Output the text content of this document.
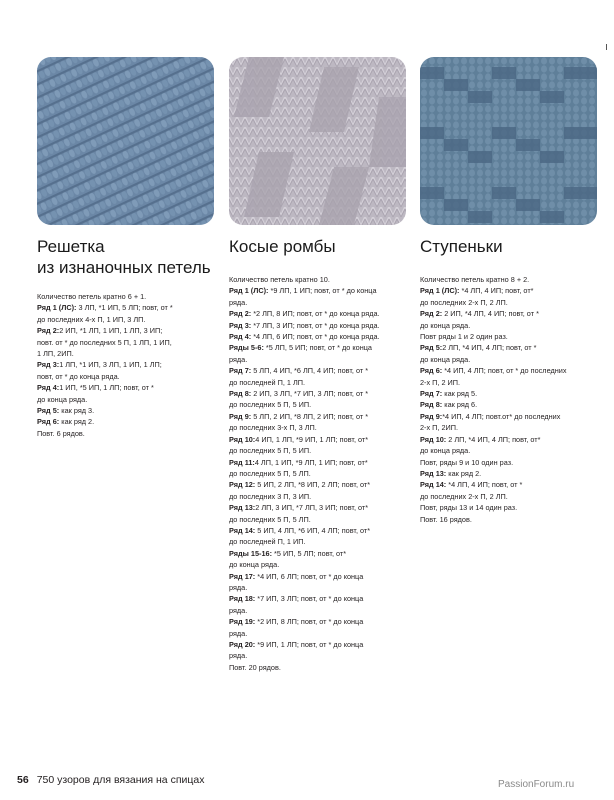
Решетка
из изнаночных петель

Количество петель кратно 6 + 1.

Ряд 1 (ЛС): 3 ЛП, *1 ИП, 5 ЛП; повт, от *

до последних 4-х П, 1 ИП, 3 ЛП.

Ряд 2:2 ИП, *1 ЛП, 1 ИП, 1 ЛП, 3 ИП;

повт. от * до последних 5 П, 1 ЛП, 1 ИП,

1 ЛП, 2ИП.

Ряд 3:1 ЛП, *1 ИП, 3 ЛП, 1 ИП, 1 ЛП;

повт, от * до конца ряда.

Ряд 4:1 ИП, *5 ИП, 1 ЛП; повт, от *

до конца ряда.

Ряд 5: как ряд 3.

Ряд 6: как ряд 2.

Повт. 6 рядов.

Косые ромбы

Количество петель кратно 10.

Ряд 1 (ЛС): *9 ЛП, 1 ИП; повт, от * до конца

ряда.

Ряд 2: *2 ЛП, 8 ИП; повт, от * до конца ряда.

Ряд 3: *7 ЛП, 3 ИП; повт, от * до конца ряда.

Ряд 4: *4 ЛП, 6 ИП; повт, от * до конца ряда.

Ряды 5-6: *5 ЛП, 5 ИП; повт, от * до конца

ряда.

Ряд 7: 5 ЛП, 4 ИП, *6 ЛП, 4 ИП; повт, от *

до последней П, 1 ЛП.

Ряд 8: 2 ИП, 3 ЛП, *7 ИП, 3 ЛП; повт, от *

до последних 5 П, 5 ИП.

Ряд 9: 5 ЛП, 2 ИП, *8 ЛП, 2 ИП; повт, от *

до последних 3-х П, 3 ЛП.

Ряд 10:4 ИП, 1 ЛП, *9 ИП, 1 ЛП; повт, от*

до последних 5 П, 5 ИП.

Ряд 11:4 ЛП, 1 ИП, *9 ЛП, 1 ИП; повт, от*

до последних 5 П, 5 ЛП.

Ряд 12: 5 ИП, 2 ЛП, *8 ИП, 2 ЛП; повт, от*

до последних 3 П, 3 ИП.

Ряд 13:2 ЛП, 3 ИП, *7 ЛП, 3 ИП; повт, от*

до последних 5 П, 5 ЛП.

Ряд 14: 5 ИП, 4 ЛП, *6 ИП, 4 ЛП; повт, от*

до последней П, 1 ИП.

Ряды 15-16: *5 ИП, 5 ЛП; повт, от*

до конца ряда.

Ряд 17: *4 ИП, 6 ЛП; повт, от * до конца

ряда.

Ряд 18: *7 ИП, 3 ЛП; повт, от * до конца

ряда.

Ряд 19: *2 ИП, 8 ЛП; повт, от * до конца

ряда.

Ряд 20: *9 ИП, 1 ЛП; повт, от * до конца

ряда.

Повт. 20 рядов.

Ступеньки

Количество петель кратно 8 + 2.

Ряд 1 (ЛС): *4 ЛП, 4 ИП; повт, от*

до последних 2-х П, 2 ЛП.

Ряд 2: 2 ИП, *4 ЛП, 4 ИП; повт, от *

до конца ряда.

Повт ряды 1 и 2 один раз.

Ряд 5:2 ЛП, *4 ИП, 4 ЛП; повт, от *

до конца ряда.

Ряд 6: *4 ИП, 4 ЛП; повт, от * до последних

2-х П, 2 ИП.

Ряд 7: как ряд 5.

Ряд 8: как ряд 6.

Ряд 9:*4 ИП, 4 ЛП; повт.от* до последних

2-х П, 2ИП.

Ряд 10: 2 ЛП, *4 ИП, 4 ЛП; повт, от*

до конца ряда.

Повт, ряды 9 и 10 один раз.

Ряд 13: как ряд 2.

Ряд 14: *4 ЛП, 4 ИП; повт, от *

до последних 2-х П, 2 ЛП.

Повт, ряды 13 и 14 один раз.

Повт. 16 рядов.

56 750 узоров для вязания на спицах	PassionForum.ru
